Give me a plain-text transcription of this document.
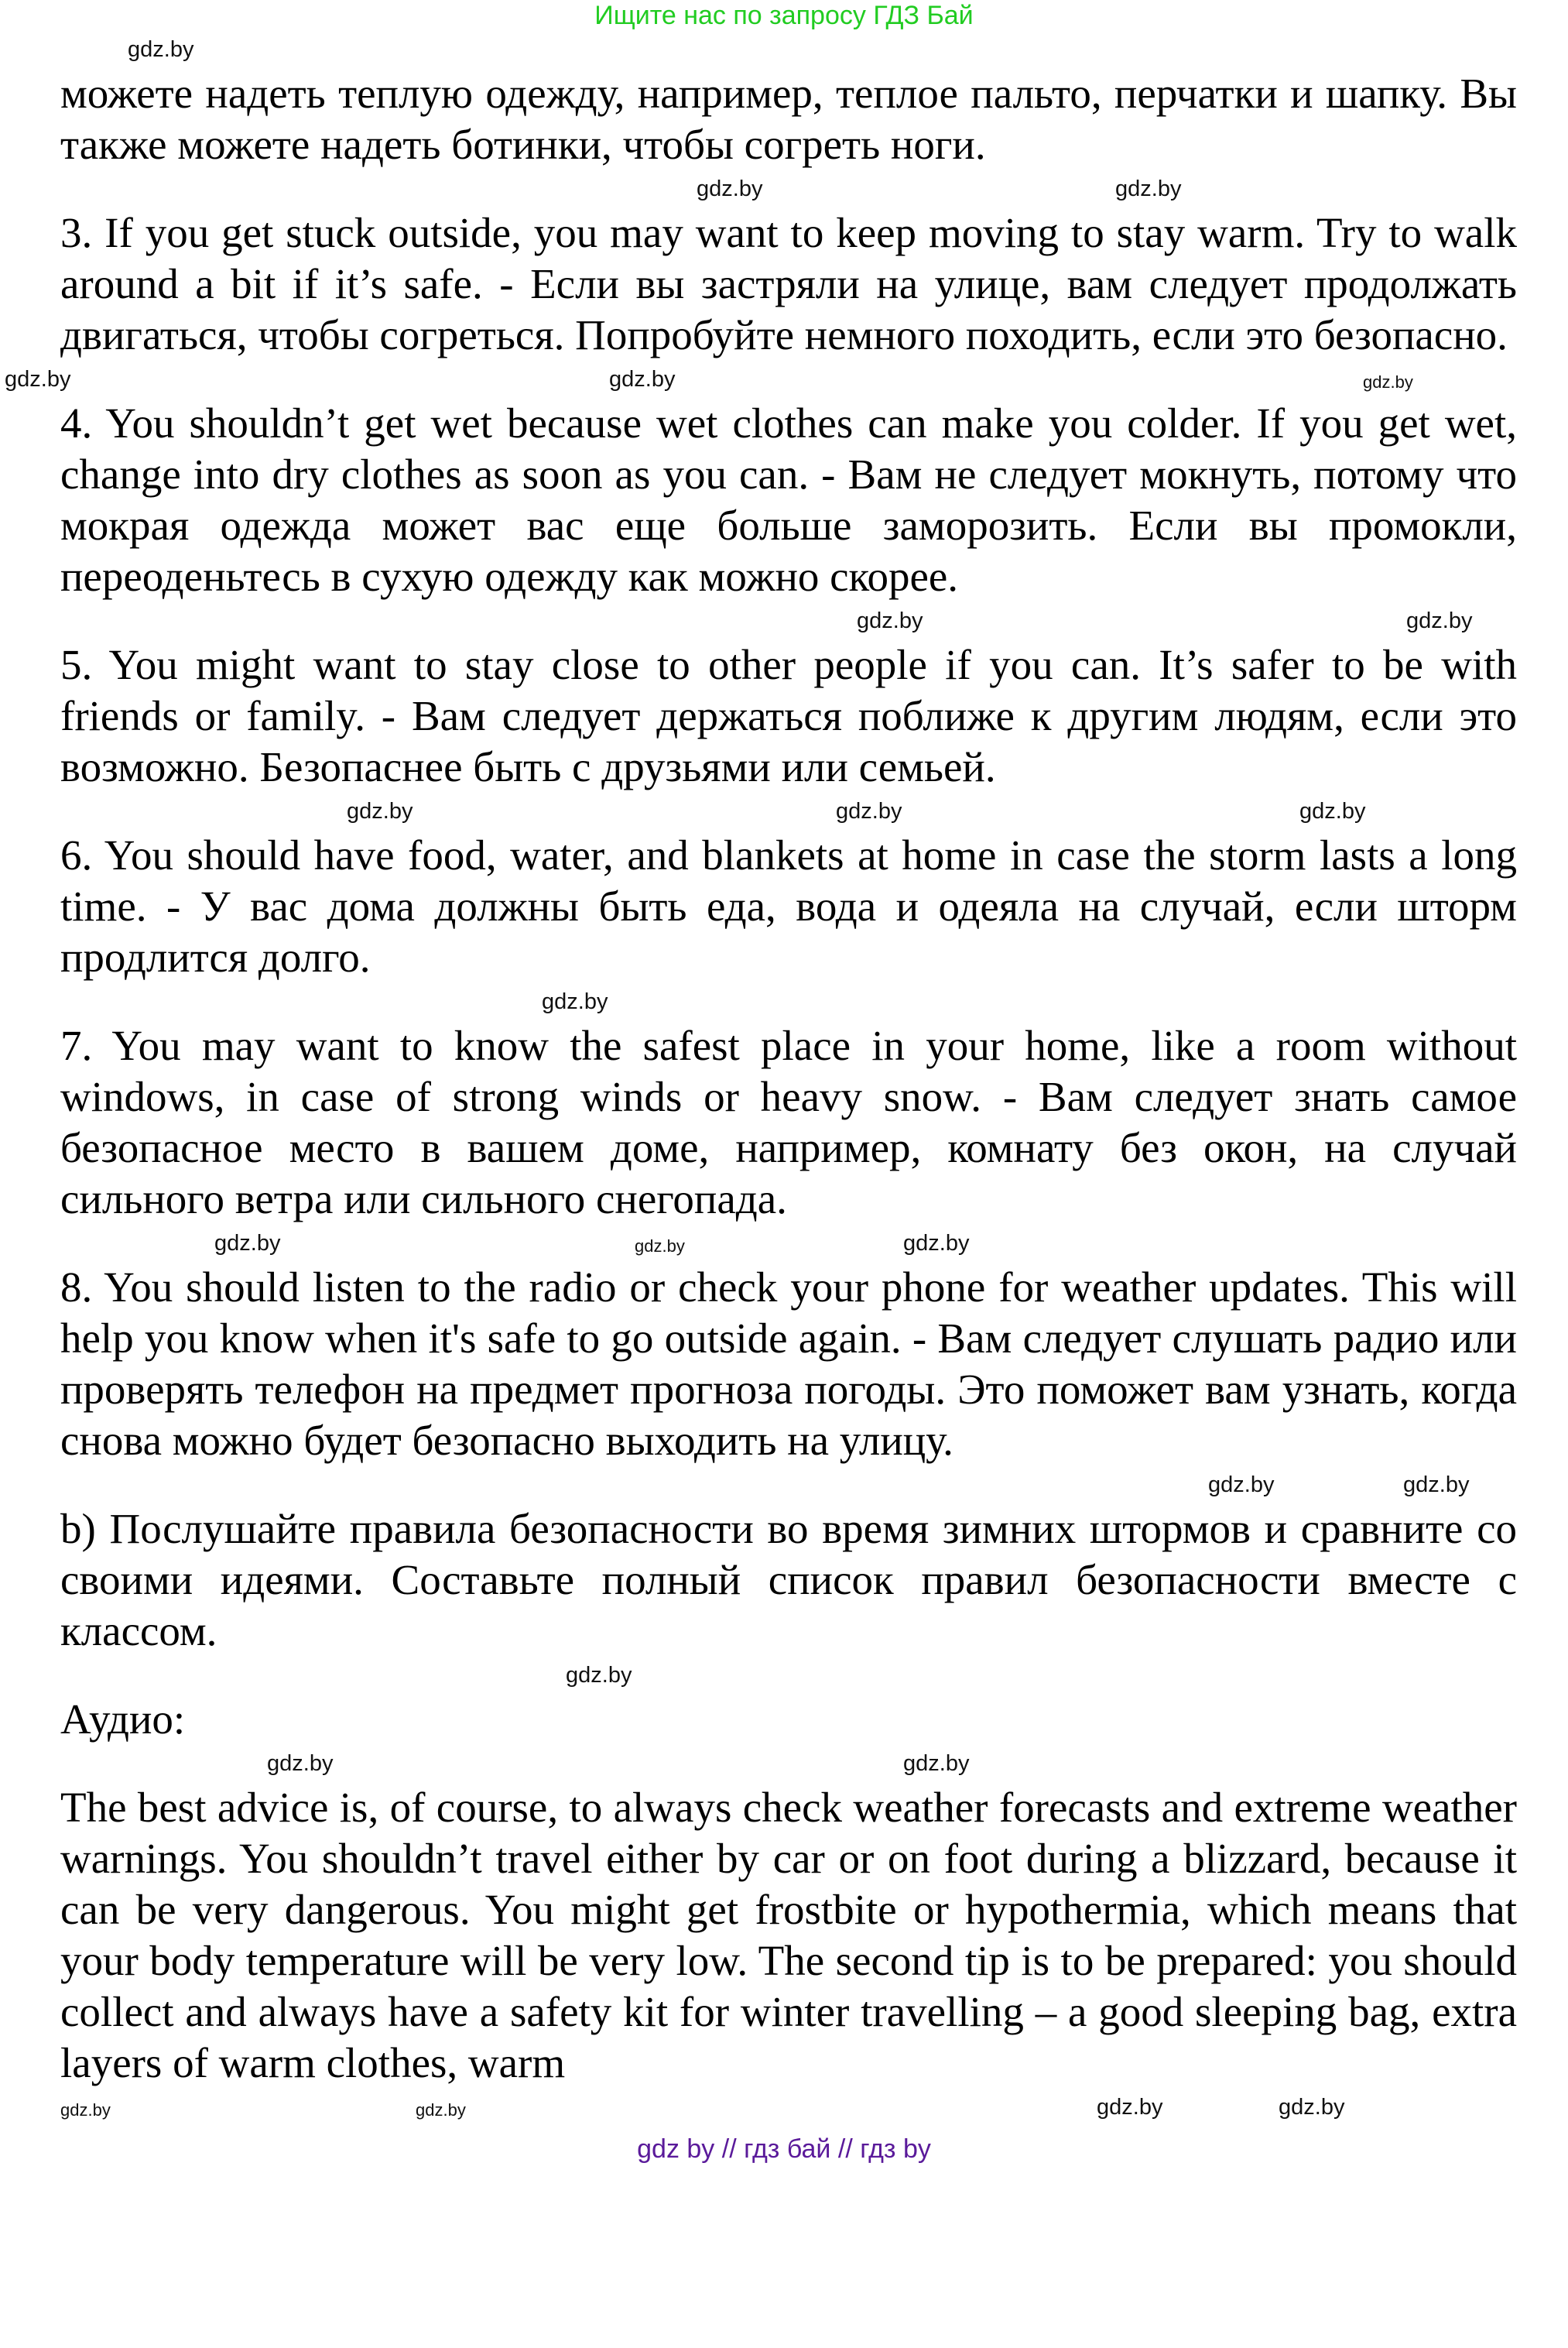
Ищите нас по запросу ГДЗ Бай
gdz.by
можете надеть теплую одежду, например, теплое пальто, перчатки и шапку. Вы также можете надеть ботинки, чтобы согреть ноги.
gdz.by
gdz.by
3. If you get stuck outside, you may want to keep moving to stay warm. Try to walk around a bit if it’s safe. - Если вы застряли на улице, вам следует продолжать двигаться, чтобы согреться. Попробуйте немного походить, если это безопасно.
gdz.by
gdz.by
gdz.by
4. You shouldn’t get wet because wet clothes can make you colder. If you get wet, change into dry clothes as soon as you can. - Вам не следует мокнуть, потому что мокрая одежда может вас еще больше заморозить. Если вы промокли, переоденьтесь в сухую одежду как можно скорее.
gdz.by
gdz.by
5. You might want to stay close to other people if you can. It’s safer to be with friends or family. - Вам следует держаться поближе к другим людям, если это возможно. Безопаснее быть с друзьями или семьей.
gdz.by
gdz.by
gdz.by
6. You should have food, water, and blankets at home in case the storm lasts a long time. - У вас дома должны быть еда, вода и одеяла на случай, если шторм продлится долго.
gdz.by
7. You may want to know the safest place in your home, like a room without windows, in case of strong winds or heavy snow. - Вам следует знать самое безопасное место в вашем доме, например, комнату без окон, на случай сильного ветра или сильного снегопада.
gdz.by	gdz.by
gdz.by
8. You should listen to the radio or check your phone for weather updates. This will help you know when it's safe to go outside again. - Вам следует слушать радио или проверять телефон на предмет прогноза погоды. Это поможет вам узнать, когда снова можно будет безопасно выходить на улицу.
gdz.by
gdz.by
b) Послушайте правила безопасности во время зимних штормов и сравните со своими идеями. Составьте полный список правил безопасности вместе с классом.
gdz.by
Аудио:
gdz.by
gdz.by
The best advice is, of course, to always check weather forecasts and extreme weather warnings. You shouldn’t travel either by car or on foot during a blizzard, because it can be very dangerous. You might get frostbite or hypothermia, which means that your body temperature will be very low. The second tip is to be prepared: you should collect and always have a safety kit for winter travelling – a good sleeping bag, extra layers of warm clothes, warm
gdz.by	gdz.by
gdz.by
gdz.by
gdz by // гдз бай // гдз by
